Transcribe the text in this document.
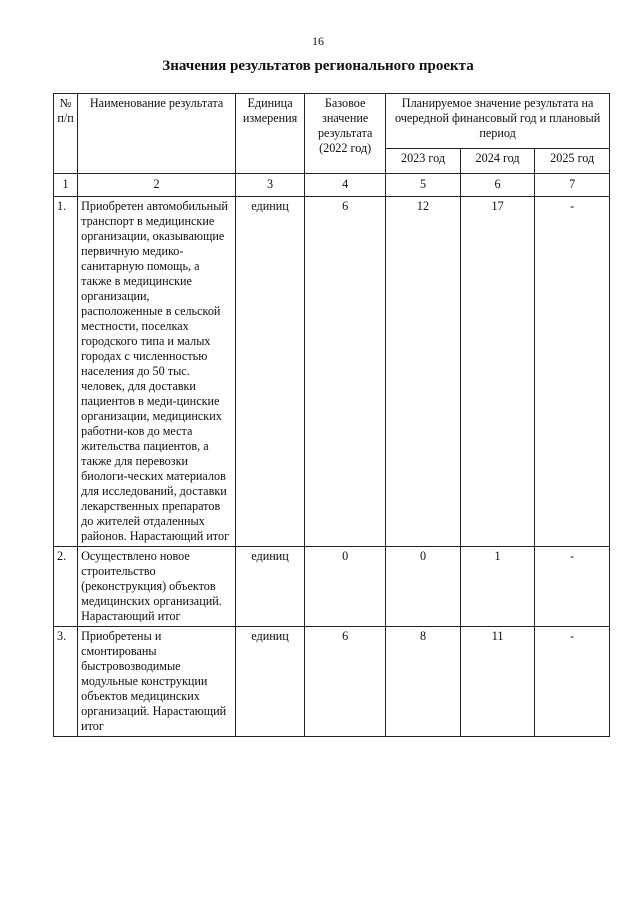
16
Значения результатов регионального проекта
№ п/п	Наименование результата	Единица измерения	Базовое значение результата (2022 год)	Планируемое значение результата на очередной финансовый год и плановый период		
				2023 год	2024 год	2025 год
1	2	3	4	5	6	7
1.	Приобретен автомобильный транспорт в медицинские организации, оказывающие первичную медико-санитарную помощь, а также в медицинские организации, расположенные в сельской местности, поселках городского типа и малых городах с численностью населения до 50 тыс. человек, для доставки пациентов в меди-цинские организации, медицинских работни-ков до места жительства пациентов, а также для перевозки биологи-ческих материалов для исследований, доставки лекарственных препаратов до жителей отдаленных районов. Нарастающий итог	единиц	6	12	17	-
2.	Осуществлено новое строительство (реконструкция) объектов медицинских организаций. Нарастающий итог	единиц	0	0	1	-
3.	Приобретены и смонтированы быстровозводимые модульные конструкции объектов медицинских организаций. Нарастающий итог	единиц	6	8	11	-
